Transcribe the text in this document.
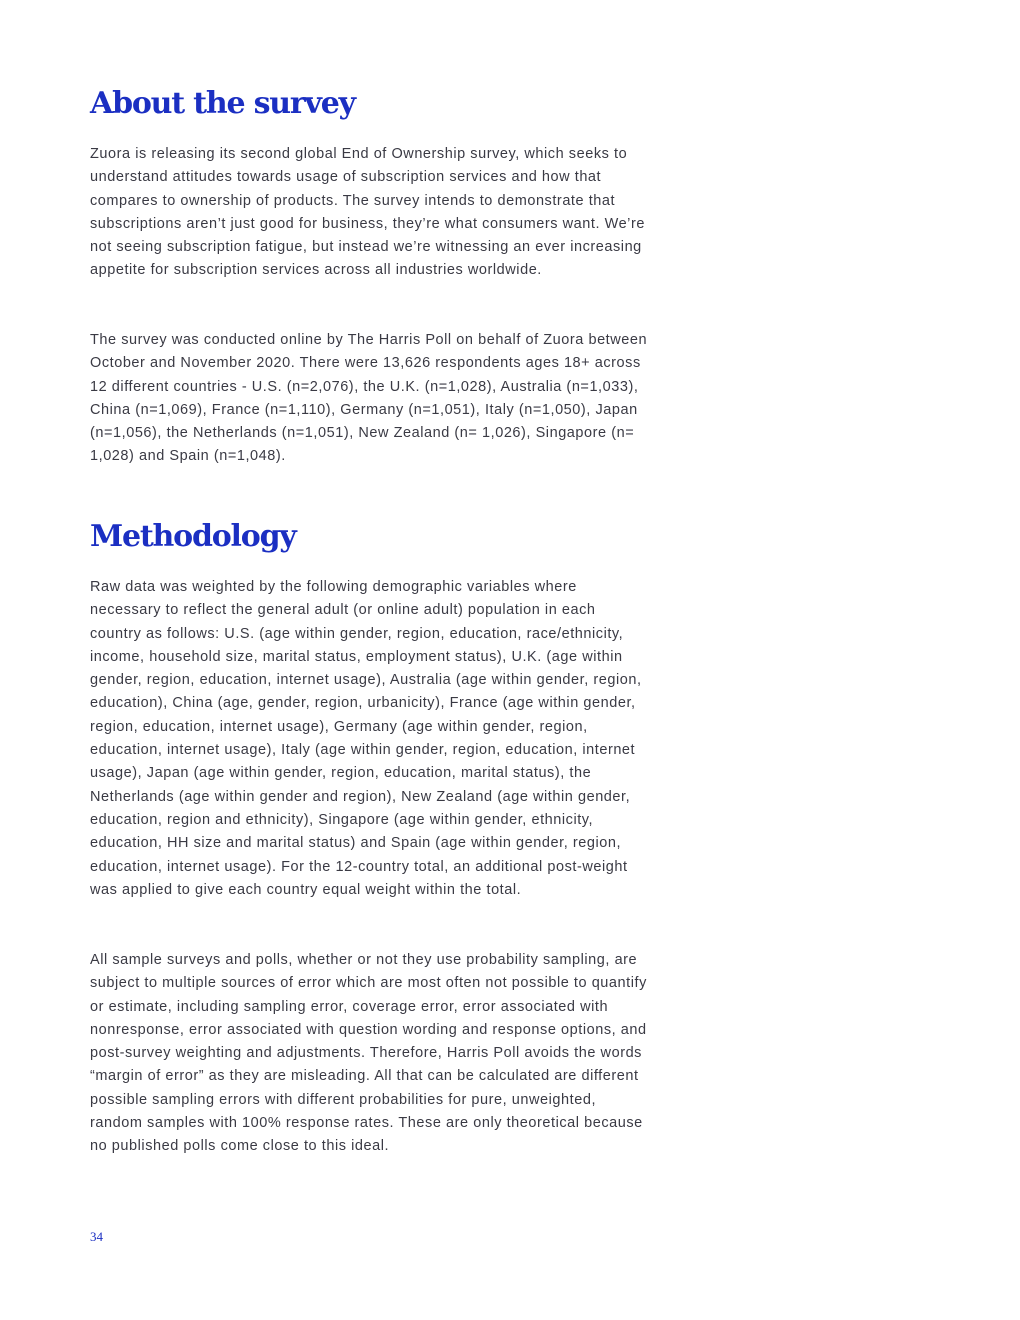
About the survey

Zuora is releasing its second global End of Ownership survey, which seeks to understand attitudes towards usage of subscription services and how that compares to ownership of products. The survey intends to demonstrate that subscriptions aren’t just good for business, they’re what consumers want. We’re not seeing subscription fatigue, but instead we’re witnessing an ever increasing appetite for subscription services across all industries worldwide.

The survey was conducted online by The Harris Poll on behalf of Zuora between October and November 2020. There were 13,626 respondents ages 18+ across 12 different countries - U.S. (n=2,076), the U.K. (n=1,028), Australia (n=1,033), China (n=1,069), France (n=1,110), Germany (n=1,051), Italy (n=1,050), Japan (n=1,056), the Netherlands (n=1,051), New Zealand (n= 1,026), Singapore (n= 1,028) and Spain (n=1,048).

Methodology

Raw data was weighted by the following demographic variables where necessary to reflect the general adult (or online adult) population in each country as follows: U.S. (age within gender, region, education, race/ethnicity, income, household size, marital status, employment status), U.K. (age within gender, region, education, internet usage), Australia (age within gender, region, education), China (age, gender, region, urbanicity), France (age within gender, region, education, internet usage), Germany (age within gender, region, education, internet usage), Italy (age within gender, region, education, internet usage), Japan (age within gender, region, education, marital status), the Netherlands (age within gender and region), New Zealand (age within gender, education, region and ethnicity), Singapore (age within gender, ethnicity, education, HH size and marital status) and Spain (age within gender, region, education, internet usage). For the 12-country total, an additional post-weight was applied to give each country equal weight within the total.

All sample surveys and polls, whether or not they use probability sampling, are subject to multiple sources of error which are most often not possible to quantify or estimate, including sampling error, coverage error, error associated with nonresponse, error associated with question wording and response options, and post-survey weighting and adjustments. Therefore, Harris Poll avoids the words “margin of error” as they are misleading. All that can be calculated are different possible sampling errors with different probabilities for pure, unweighted, random samples with 100% response rates. These are only theoretical because no published polls come close to this ideal.

34
